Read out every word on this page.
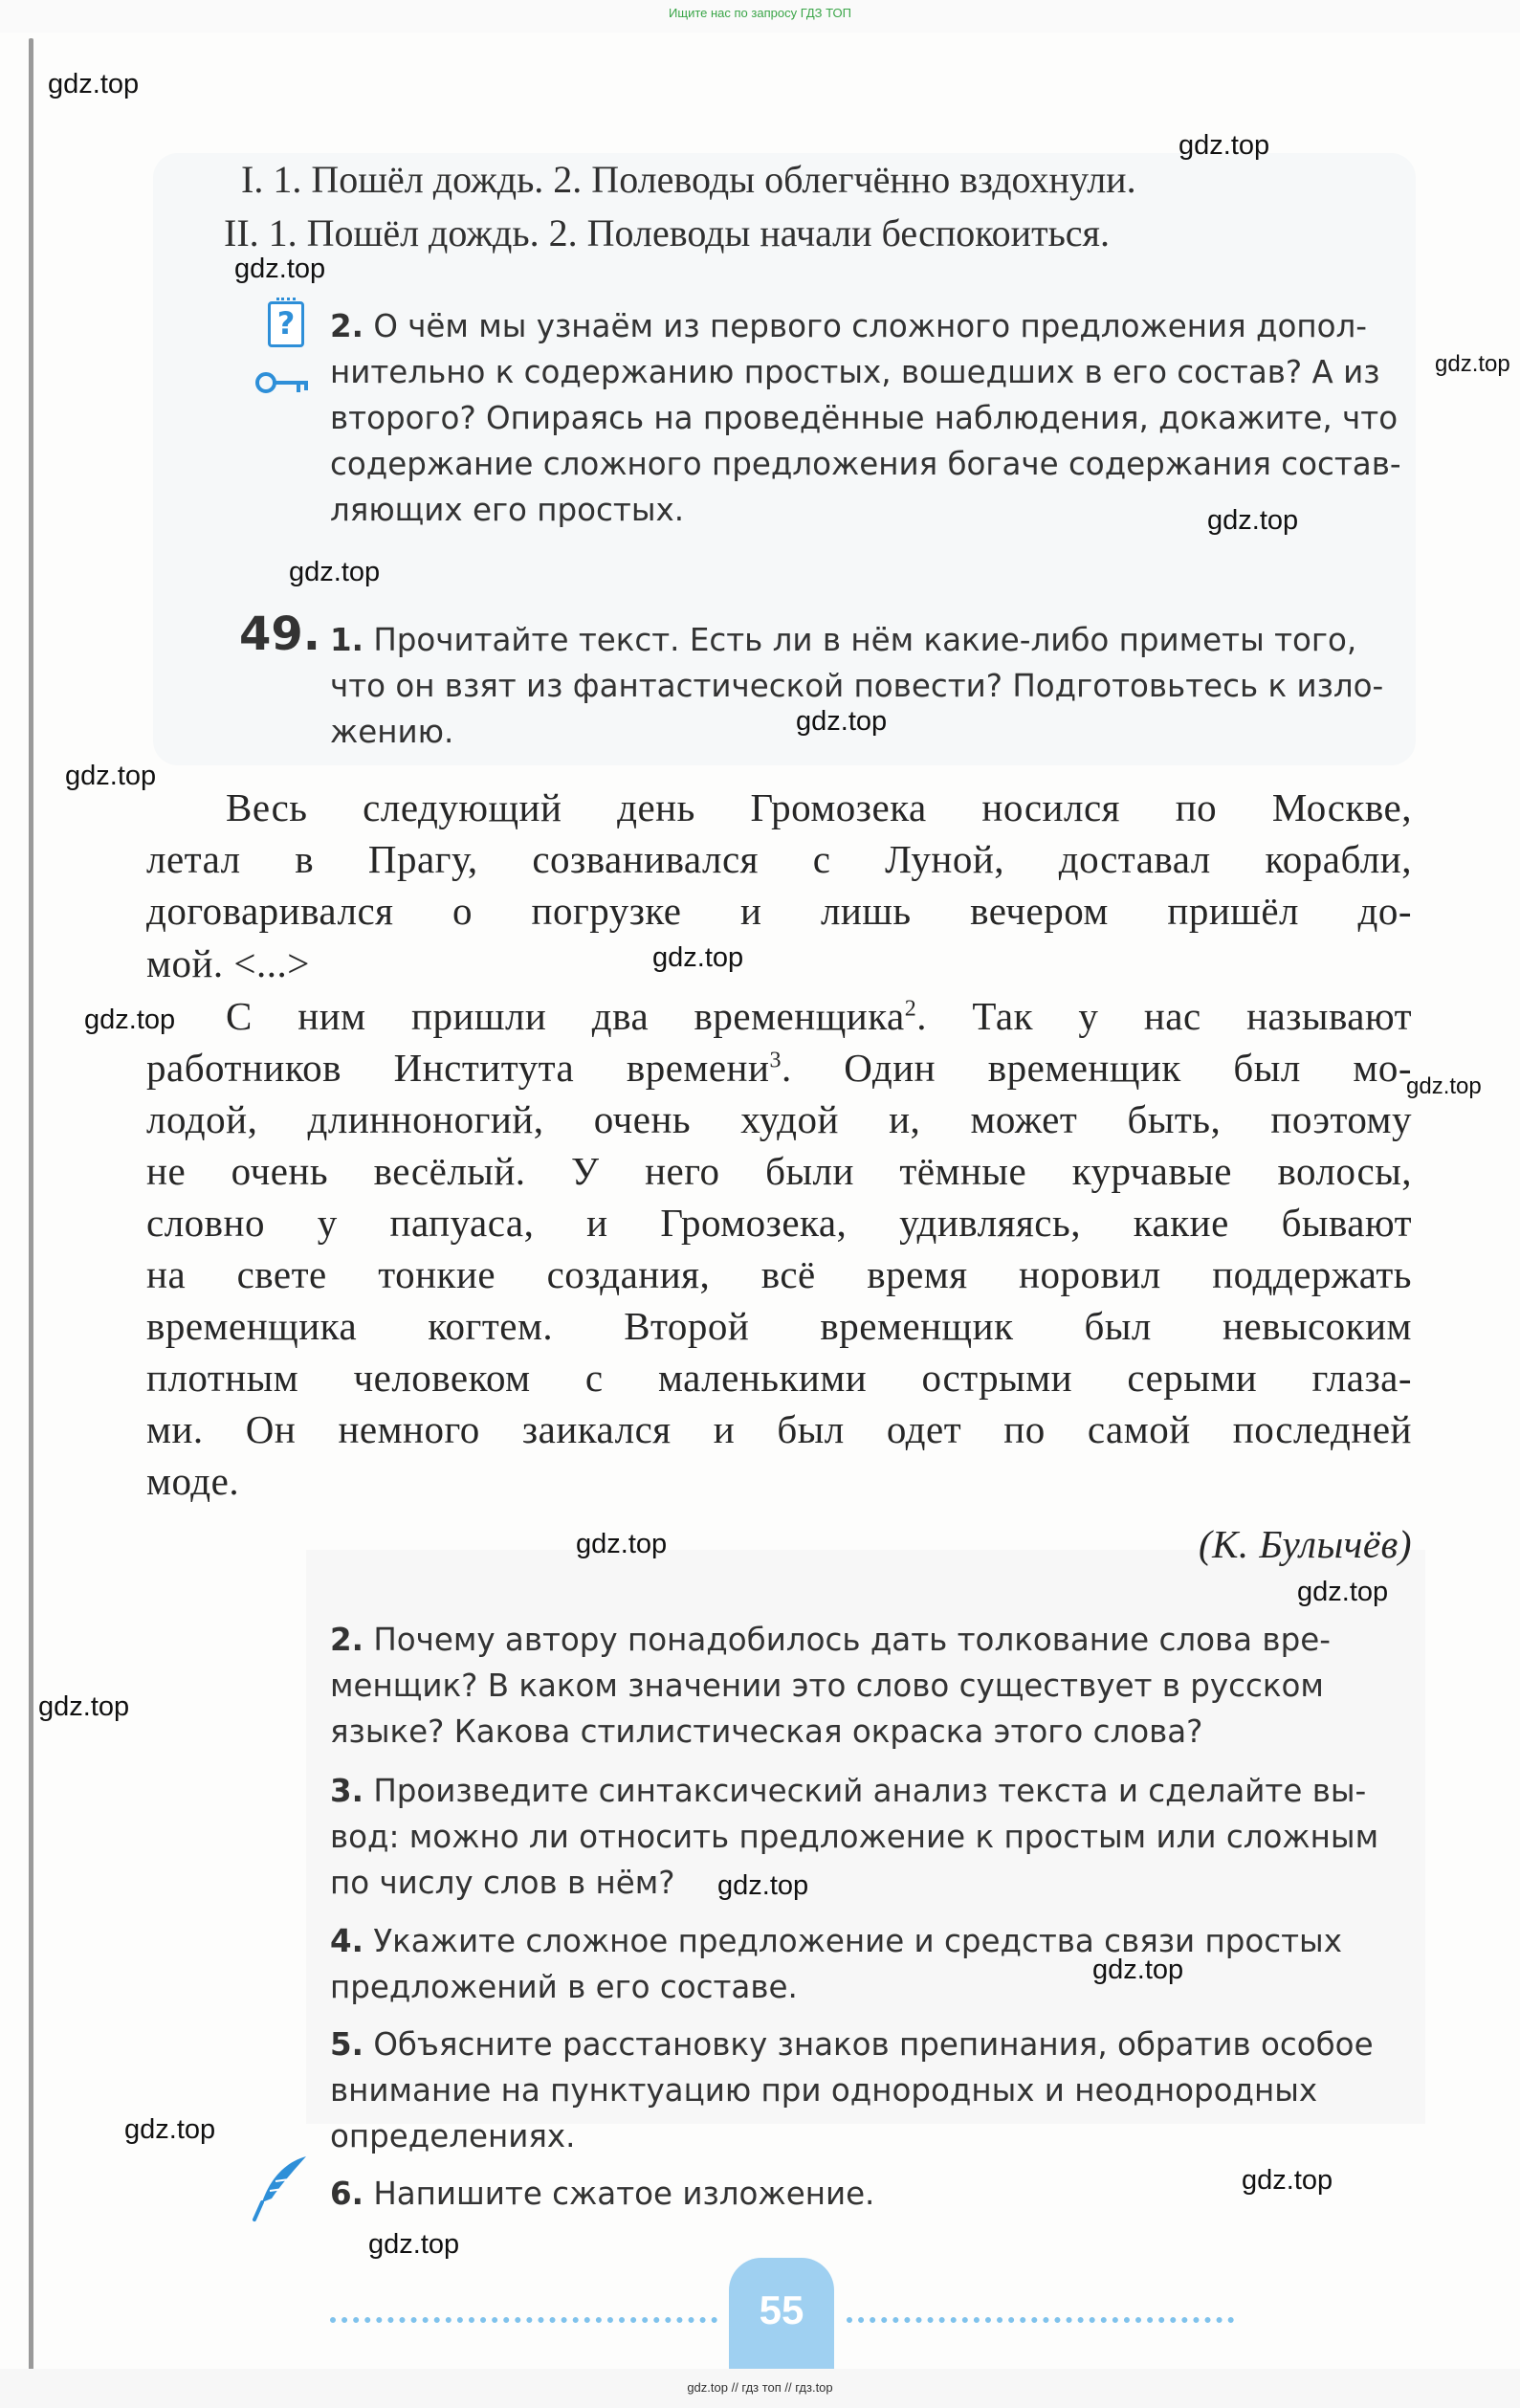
Ищите нас по запросу ГДЗ ТОП
I. 1. Пошёл дождь. 2. Полеводы облегчённо вздохнули.
II. 1. Пошёл дождь. 2. Полеводы начали беспокоиться.
? 2. О чём мы узнаём из первого сложного предложения допол-
нительно к содержанию простых, вошедших в его состав? А из
второго? Опираясь на проведённые наблюдения, докажите, что
содержание сложного предложения богаче содержания состав-
ляющих его простых.
49. 1. Прочитайте текст. Есть ли в нём какие-либо приметы того,
что он взят из фантастической повести? Подготовьтесь к изло-
жению.
Весь следующий день Громозека носился по Москве,
летал в Прагу, созванивался с Луной, доставал корабли,
договаривался о погрузке и лишь вечером пришёл до-
мой. <...>
С ним пришли два временщика$^2$. Так у нас называют
работников Института времени$^3$. Один временщик был мо-
лодой, длинноногий, очень худой и, может быть, поэтому
не очень весёлый. У него были тёмные курчавые волосы,
словно у папуаса, и Громозека, удивляясь, какие бывают
на свете тонкие создания, всё время норовил поддержать
временщика когтем. Второй временщик был невысоким
плотным человеком с маленькими острыми серыми глаза-
ми. Он немного заикался и был одет по самой последней
моде.
(К. Булычёв)
2. Почему автору понадобилось дать толкование слова вре-
менщик? В каком значении это слово существует в русском
языке? Какова стилистическая окраска этого слова?
3. Произведите синтаксический анализ текста и сделайте вы-
вод: можно ли относить предложение к простым или сложным
по числу слов в нём?
4. Укажите сложное предложение и средства связи простых
предложений в его составе.
5. Объясните расстановку знаков препинания, обратив особое
внимание на пунктуацию при однородных и неоднородных
определениях.
6. Напишите сжатое изложение.
55
gdz.top // гдз топ // гдз.top
gdz.top
gdz.top
gdz.top
gdz.top
gdz.top
gdz.top
gdz.top
gdz.top
gdz.top
gdz.top
gdz.top
gdz.top
gdz.top
gdz.top
gdz.top
gdz.top
gdz.top
gdz.top
gdz.top
